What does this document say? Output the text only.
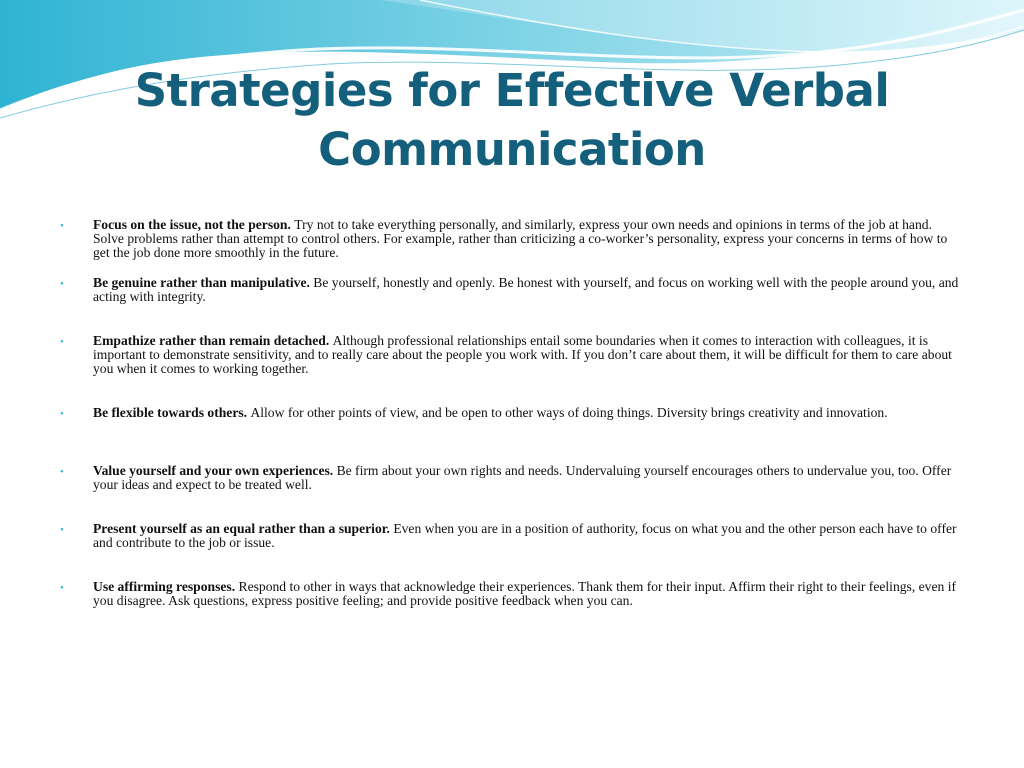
Strategies for Effective Verbal
Communication
• Focus on the issue, not the person. Try not to take everything personally, and similarly, express your own needs and opinions in terms of the job at hand. Solve problems rather than attempt to control others. For example, rather than criticizing a co-worker’s personality, express your concerns in terms of how to get the job done more smoothly in the future.
• Be genuine rather than manipulative. Be yourself, honestly and openly. Be honest with yourself, and focus on working well with the people around you, and acting with integrity.
• Empathize rather than remain detached. Although professional relationships entail some boundaries when it comes to interaction with colleagues, it is important to demonstrate sensitivity, and to really care about the people you work with. If you don’t care about them, it will be difficult for them to care about you when it comes to working together.
• Be flexible towards others. Allow for other points of view, and be open to other ways of doing things. Diversity brings creativity and innovation.
• Value yourself and your own experiences. Be firm about your own rights and needs. Undervaluing yourself encourages others to undervalue you, too. Offer your ideas and expect to be treated well.
• Present yourself as an equal rather than a superior. Even when you are in a position of authority, focus on what you and the other person each have to offer and contribute to the job or issue.
• Use affirming responses. Respond to other in ways that acknowledge their experiences. Thank them for their input. Affirm their right to their feelings, even if you disagree. Ask questions, express positive feeling; and provide positive feedback when you can.
